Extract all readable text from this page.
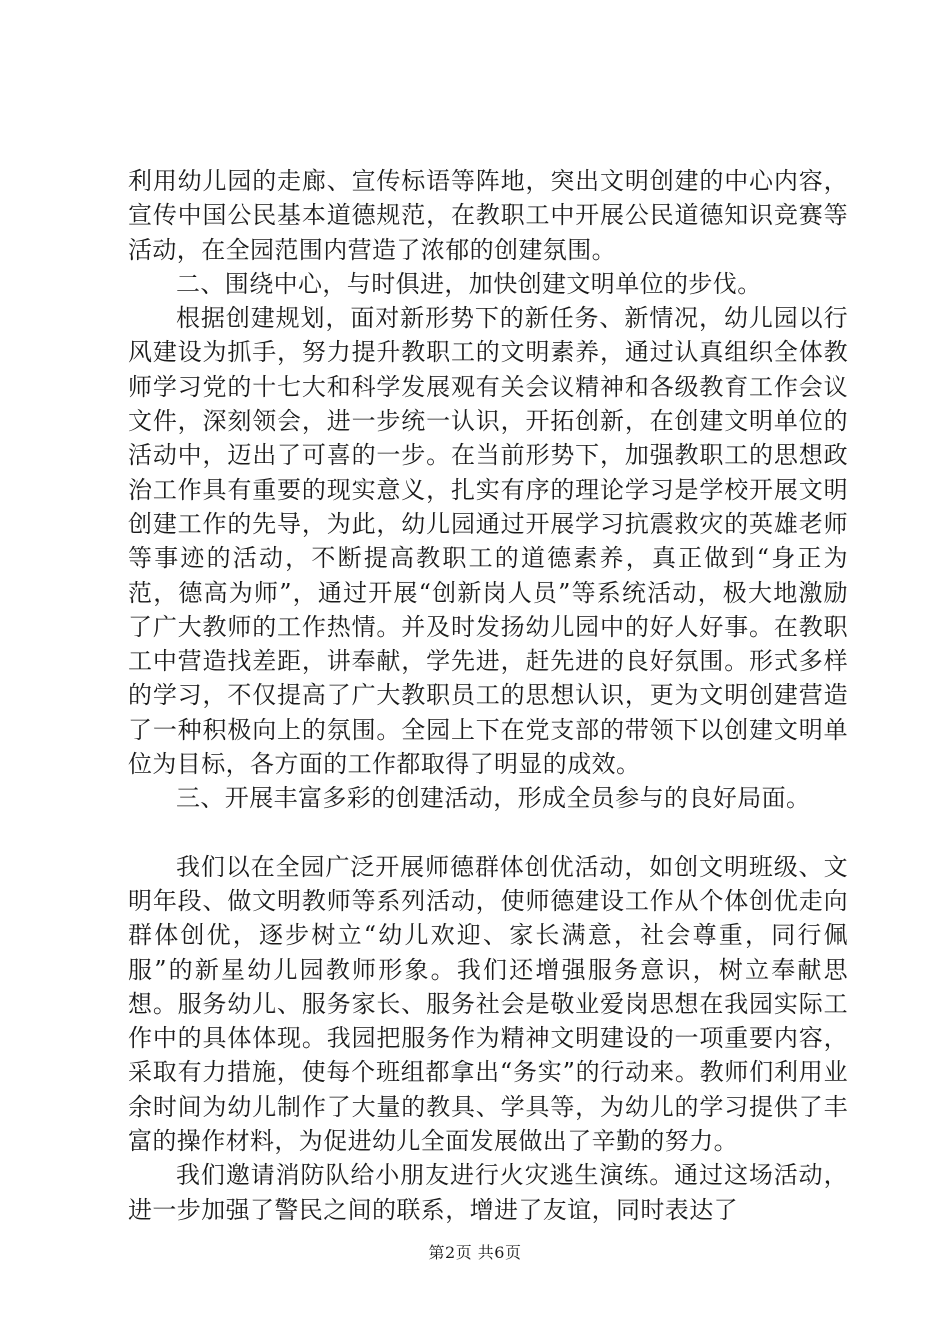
利用幼儿园的走廊、宣传标语等阵地，突出文明创建的中心内容，宣传中国公民基本道德规范，在教职工中开展公民道德知识竞赛等活动，在全园范围内营造了浓郁的创建氛围。

二、围绕中心，与时俱进，加快创建文明单位的步伐。

根据创建规划，面对新形势下的新任务、新情况，幼儿园以行风建设为抓手，努力提升教职工的文明素养，通过认真组织全体教师学习党的十七大和科学发展观有关会议精神和各级教育工作会议文件，深刻领会，进一步统一认识，开拓创新，在创建文明单位的活动中，迈出了可喜的一步。在当前形势下，加强教职工的思想政治工作具有重要的现实意义，扎实有序的理论学习是学校开展文明创建工作的先导，为此，幼儿园通过开展学习抗震救灾的英雄老师等事迹的活动，不断提高教职工的道德素养，真正做到“身正为范，德高为师”，通过开展“创新岗人员”等系统活动，极大地激励了广大教师的工作热情。并及时发扬幼儿园中的好人好事。在教职工中营造找差距，讲奉献，学先进，赶先进的良好氛围。形式多样的学习，不仅提高了广大教职员工的思想认识，更为文明创建营造了一种积极向上的氛围。全园上下在党支部的带领下以创建文明单位为目标，各方面的工作都取得了明显的成效。

三、开展丰富多彩的创建活动，形成全员参与的良好局面。

我们以在全园广泛开展师德群体创优活动，如创文明班级、文明年段、做文明教师等系列活动，使师德建设工作从个体创优走向群体创优，逐步树立“幼儿欢迎、家长满意，社会尊重，同行佩服”的新星幼儿园教师形象。我们还增强服务意识，树立奉献思想。服务幼儿、服务家长、服务社会是敬业爱岗思想在我园实际工作中的具体体现。我园把服务作为精神文明建设的一项重要内容，采取有力措施，使每个班组都拿出“务实”的行动来。教师们利用业余时间为幼儿制作了大量的教具、学具等，为幼儿的学习提供了丰富的操作材料，为促进幼儿全面发展做出了辛勤的努力。

我们邀请消防队给小朋友进行火灾逃生演练。通过这场活动，进一步加强了警民之间的联系，增进了友谊，同时表达了

第2页 共6页
